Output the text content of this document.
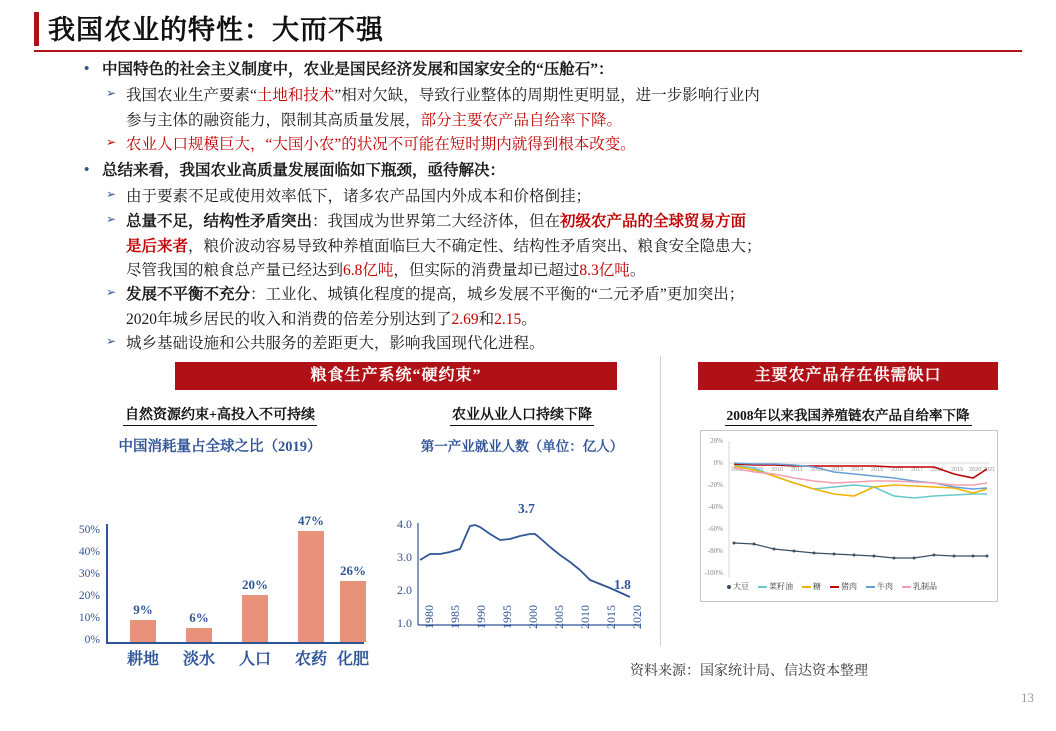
我国农业的特性：大而不强
• 中国特色的社会主义制度中，农业是国民经济发展和国家安全的“压舱石”：
➢ 我国农业生产要素“土地和技术”相对欠缺，导致行业整体的周期性更明显，进一步影响行业内
参与主体的融资能力，限制其高质量发展，部分主要农产品自给率下降。
➢ 农业人口规模巨大，“大国小农”的状况不可能在短时期内就得到根本改变。
• 总结来看，我国农业高质量发展面临如下瓶颈，亟待解决：
➢ 由于要素不足或使用效率低下，诸多农产品国内外成本和价格倒挂；
➢ 总量不足，结构性矛盾突出：我国成为世界第二大经济体，但在初级农产品的全球贸易方面
是后来者，粮价波动容易导致种养植面临巨大不确定性、结构性矛盾突出、粮食安全隐患大；
尽管我国的粮食总产量已经达到6.8亿吨，但实际的消费量却已超过8.3亿吨。
➢ 发展不平衡不充分：工业化、城镇化程度的提高，城乡发展不平衡的“二元矛盾”更加突出；
2020年城乡居民的收入和消费的倍差分别达到了2.69和2.15。
➢ 城乡基础设施和公共服务的差距更大，影响我国现代化进程。
粮食生产系统“硬约束”	主要农产品存在供需缺口
自然资源约束+高投入不可持续
中国消耗量占全球之比（2019）
50%
40%
30%
20%
10%
0%
9%
6%
20%
47%
26%
耕地	淡水	人口	农药 化肥
农业从业人口持续下降
第一产业就业人数（单位：亿人）
4.0
3.0
2.0
1.0
3.7
1.8
1980 1985 1990 1995 2000 2005 2010 2015 2020
2008年以来我国养殖链农产品自给率下降
20%
0%
-20%
-40%
-60%
-80%
-100%
2008 2009 2010 2011 2012 2013 2014 2015 2016 2017 2018 2019 2020 2021
大豆	菜籽油	糖	猪肉	牛肉	乳制品
资料来源：国家统计局、信达资本整理
13
